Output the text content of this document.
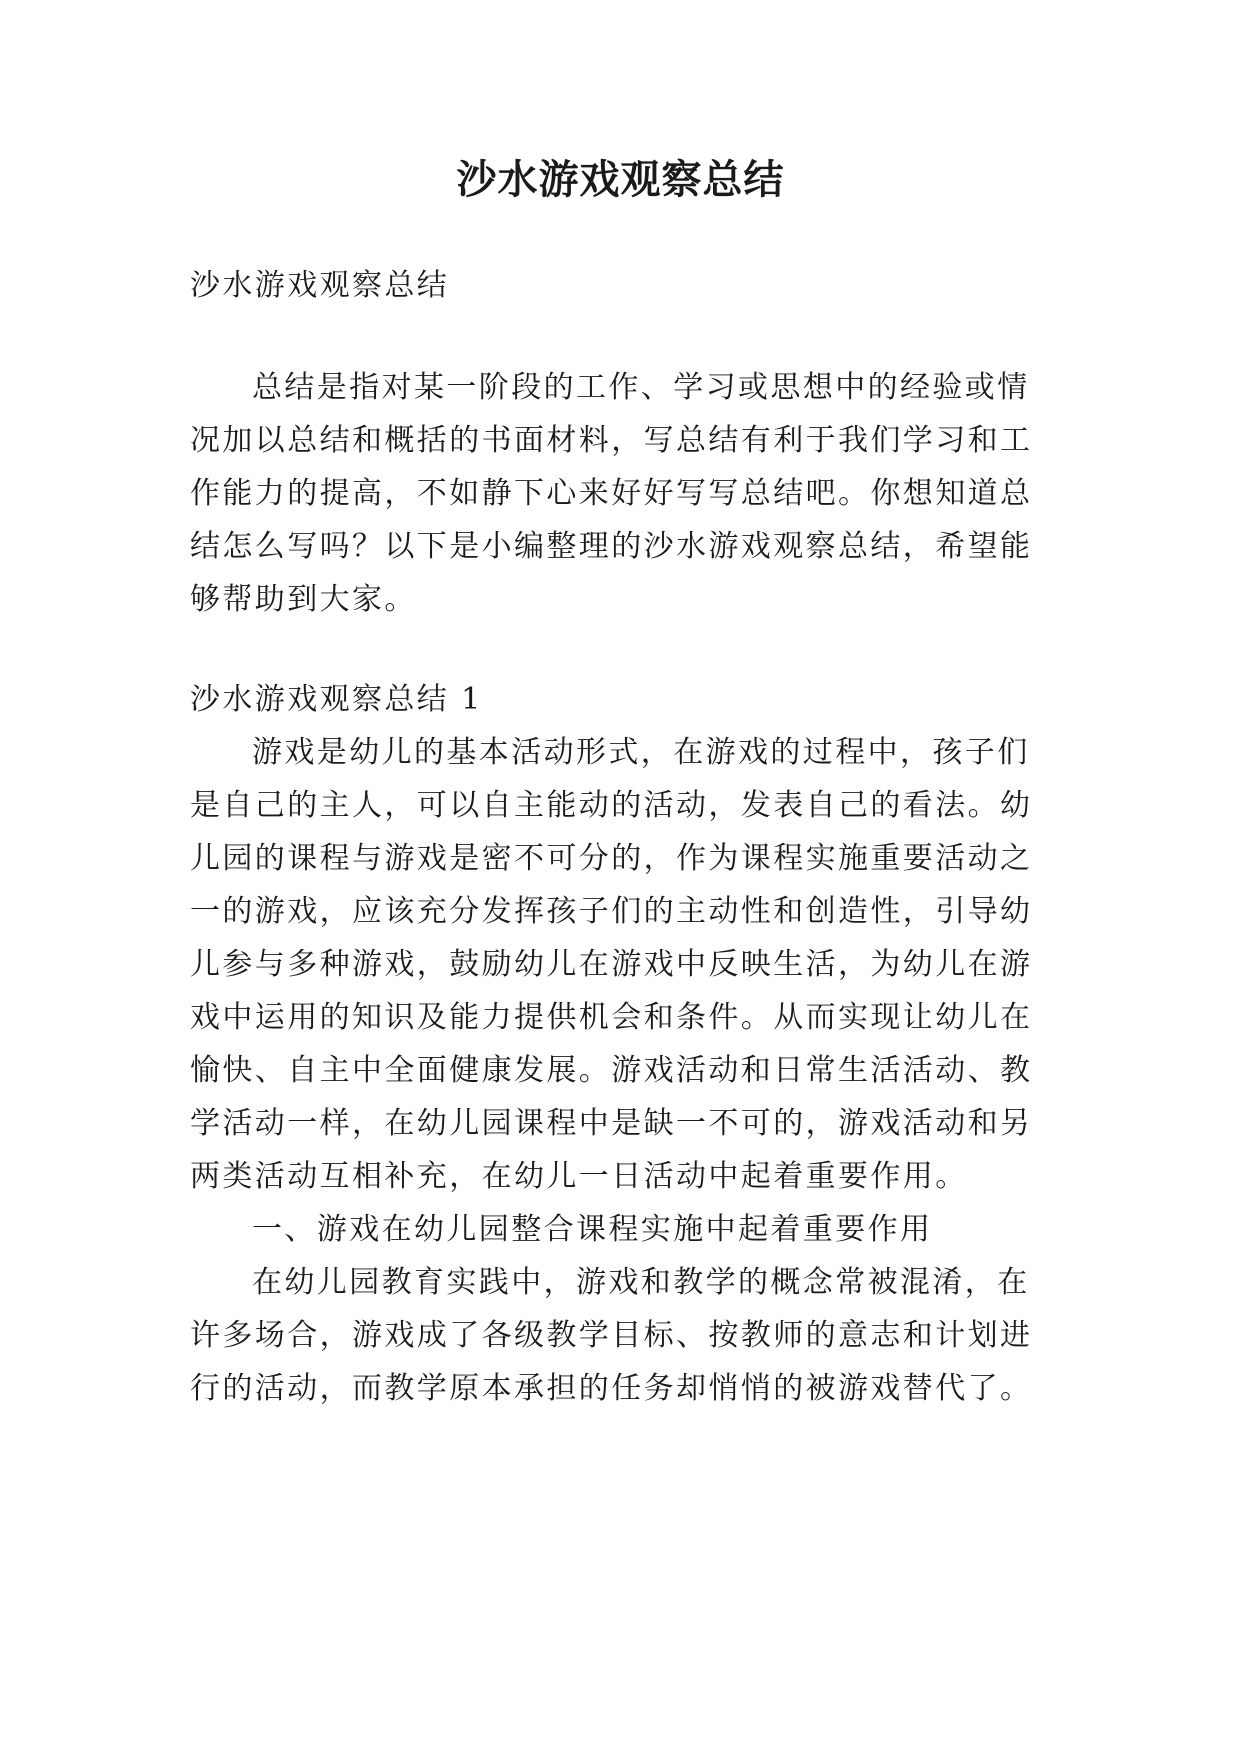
沙水游戏观察总结
沙水游戏观察总结
总结是指对某一阶段的工作、学习或思想中的经验或情
况加以总结和概括的书面材料，写总结有利于我们学习和工
作能力的提高，不如静下心来好好写写总结吧。你想知道总
结怎么写吗？以下是小编整理的沙水游戏观察总结，希望能
够帮助到大家。
沙水游戏观察总结 1
游戏是幼儿的基本活动形式，在游戏的过程中，孩子们
是自己的主人，可以自主能动的活动，发表自己的看法。幼
儿园的课程与游戏是密不可分的，作为课程实施重要活动之
一的游戏，应该充分发挥孩子们的主动性和创造性，引导幼
儿参与多种游戏，鼓励幼儿在游戏中反映生活，为幼儿在游
戏中运用的知识及能力提供机会和条件。从而实现让幼儿在
愉快、自主中全面健康发展。游戏活动和日常生活活动、教
学活动一样，在幼儿园课程中是缺一不可的，游戏活动和另
两类活动互相补充，在幼儿一日活动中起着重要作用。
一、游戏在幼儿园整合课程实施中起着重要作用
在幼儿园教育实践中，游戏和教学的概念常被混淆，在
许多场合，游戏成了各级教学目标、按教师的意志和计划进
行的活动，而教学原本承担的任务却悄悄的被游戏替代了。
